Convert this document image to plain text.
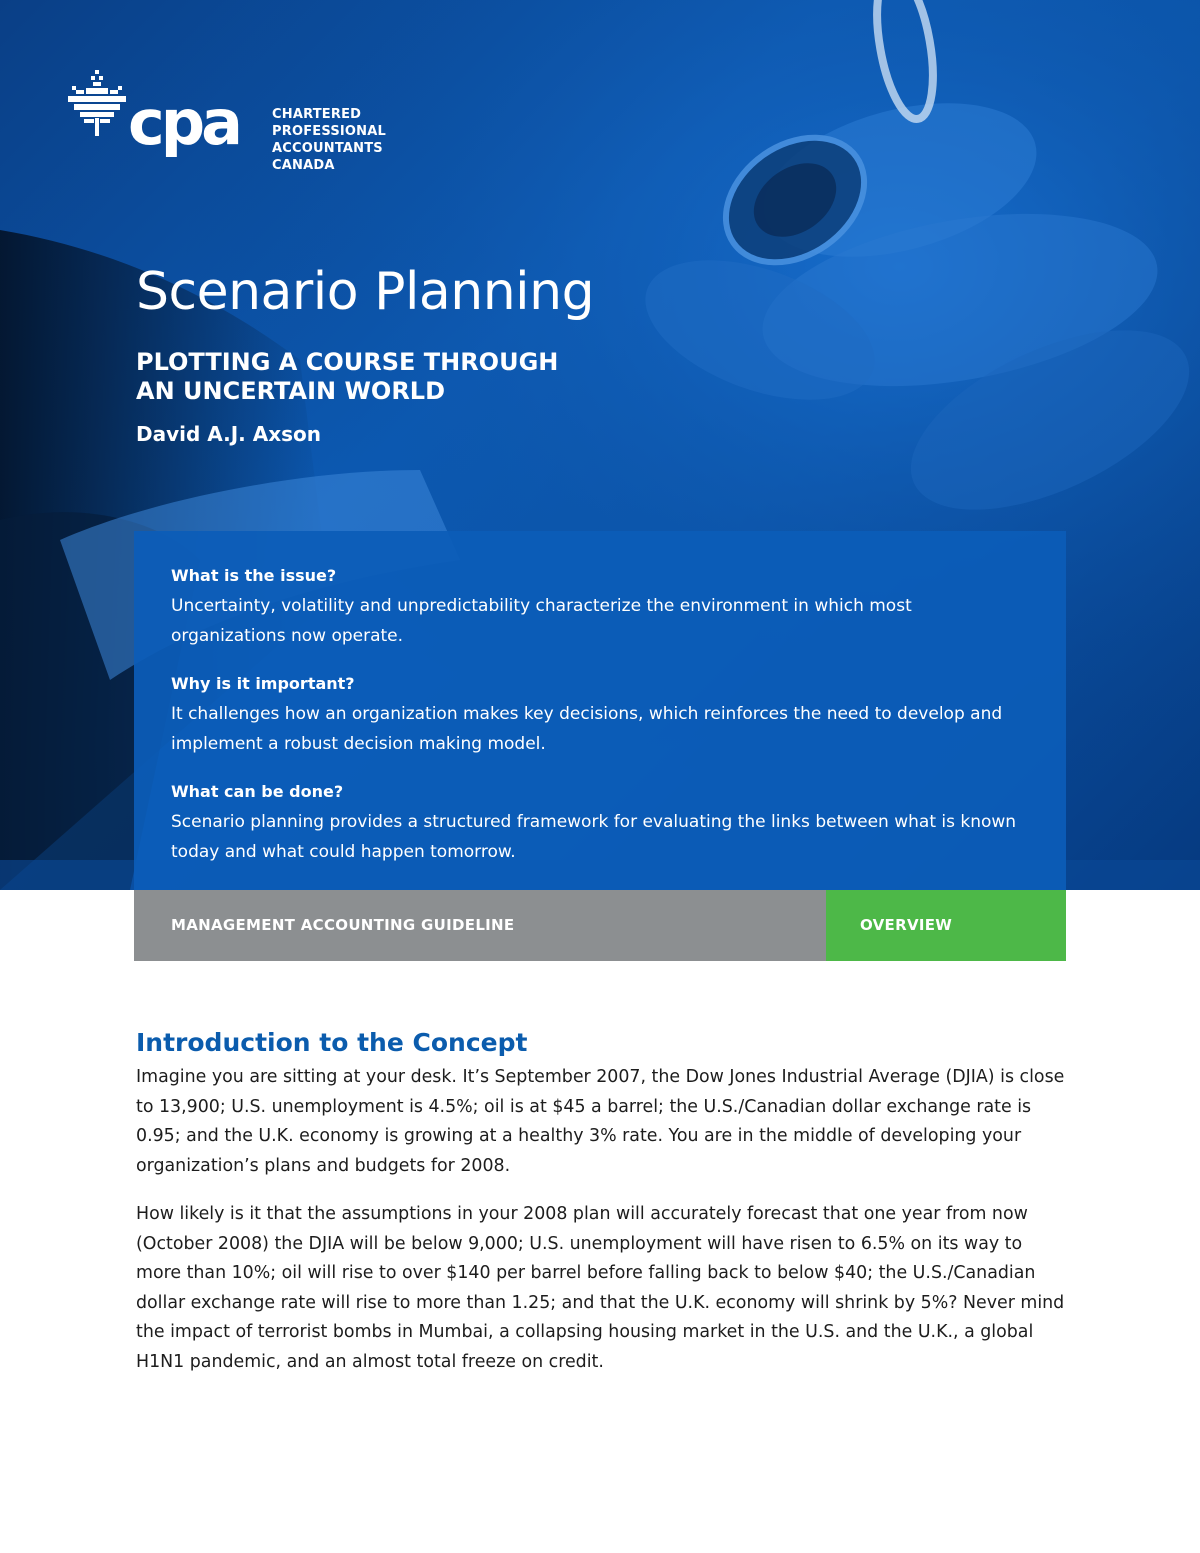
cpa	CHARTERED
PROFESSIONAL
ACCOUNTANTS
CANADA
Scenario Planning
PLOTTING A COURSE THROUGH
AN UNCERTAIN WORLD
David A.J. Axson
What is the issue?
Uncertainty, volatility and unpredictability characterize the environment in which most organizations now operate.
Why is it important?
It challenges how an organization makes key decisions, which reinforces the need to develop and implement a robust decision making model.
What can be done?
Scenario planning provides a structured framework for evaluating the links between what is known today and what could happen tomorrow.
MANAGEMENT ACCOUNTING GUIDELINE	OVERVIEW
Introduction to the Concept

Imagine you are sitting at your desk. It’s September 2007, the Dow Jones Industrial Average (DJIA) is close to 13,900; U.S. unemployment is 4.5%; oil is at $45 a barrel; the U.S./Canadian dollar exchange rate is 0.95; and the U.K. economy is growing at a healthy 3% rate. You are in the middle of developing your organization’s plans and budgets for 2008.

How likely is it that the assumptions in your 2008 plan will accurately forecast that one year from now (October 2008) the DJIA will be below 9,000; U.S. unemployment will have risen to 6.5% on its way to more than 10%; oil will rise to over $140 per barrel before falling back to below $40; the U.S./Canadian dollar exchange rate will rise to more than 1.25; and that the U.K. economy will shrink by 5%? Never mind the impact of terrorist bombs in Mumbai, a collapsing housing market in the U.S. and the U.K., a global H1N1 pandemic, and an almost total freeze on credit.
